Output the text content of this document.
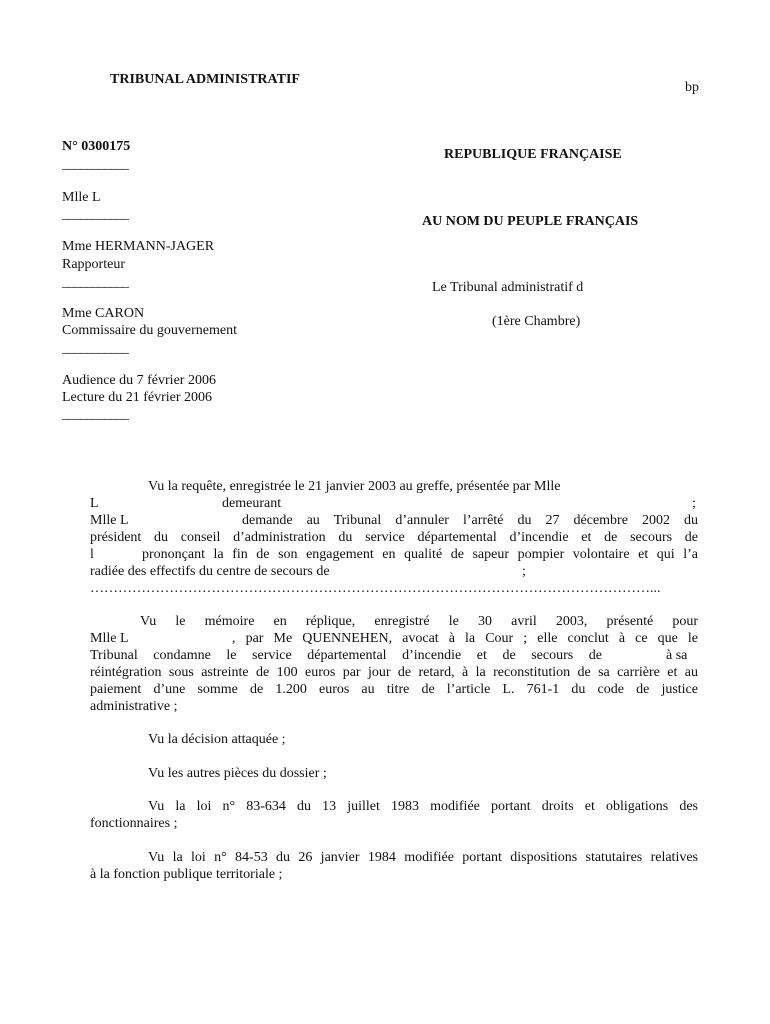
TRIBUNAL ADMINISTRATIF
bp
N° 0300175
___________
REPUBLIQUE FRANÇAISE
Mlle L
___________	AU NOM DU PEUPLE FRANÇAIS
Mme HERMANN-JAGER
Rapporteur
___________	Le Tribunal administratif d
Mme CARON
Commissaire du gouvernement
(1ère Chambre)
___________
Audience du 7 février 2006
Lecture du 21 février 2006
___________
Vu la requête, enregistrée le 21 janvier 2003 au greffe, présentée par Mlle
L	demeurant	;
Mlle L	demande au Tribunal d’annuler l’arrêté du 27 décembre 2002 du
président du conseil d’administration du service départemental d’incendie et de secours de
l	prononçant la fin de son engagement en qualité de sapeur pompier volontaire et qui l’a
radiée des effectifs du centre de secours de	;
…………………………………………………………………………………………………………...
Vu le mémoire en réplique, enregistré le 30 avril 2003, présenté pour
Mlle L	, par Me QUENNEHEN, avocat à la Cour ; elle conclut à ce que le
Tribunal condamne le service départemental d’incendie et de secours de	à sa
réintégration sous astreinte de 100 euros par jour de retard, à la reconstitution de sa carrière et au
paiement d’une somme de 1.200 euros au titre de l’article L. 761-1 du code de justice
administrative ;
Vu la décision attaquée ;
Vu les autres pièces du dossier ;
Vu la loi n° 83-634 du 13 juillet 1983 modifiée portant droits et obligations des
fonctionnaires ;
Vu la loi n° 84-53 du 26 janvier 1984 modifiée portant dispositions statutaires relatives
à la fonction publique territoriale ;
